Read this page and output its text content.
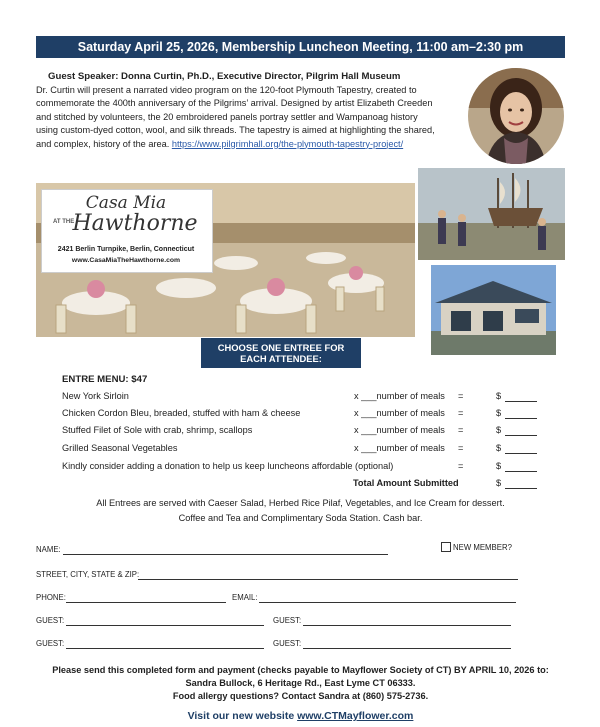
Saturday April 25, 2026, Membership Luncheon Meeting, 11:00 am–2:30 pm
Guest Speaker: Donna Curtin, Ph.D., Executive Director, Pilgrim Hall Museum
Dr. Curtin will present a narrated video program on the 120-foot Plymouth Tapestry, created to commemorate the 400th anniversary of the Pilgrims’ arrival. Designed by artist Elizabeth Creeden and stitched by volunteers, the 20 embroidered panels portray settler and Wampanoag history using custom-dyed cotton, wool, and silk threads. The tapestry is aimed at highlighting the shared, and complex, history of the area. https://www.pilgrimhall.org/the-plymouth-tapestry-project/
Casa Mia
AT THE
Hawthorne
2421 Berlin Turnpike, Berlin, Connecticut
www.CasaMiaTheHawthorne.com
CHOOSE ONE ENTREE FOR
EACH ATTENDEE:
ENTRE MENU: $47
New York Sirloin	x ___number of meals =	$
Chicken Cordon Bleu, breaded, stuffed with ham & cheese	x ___number of meals =	$
Stuffed Filet of Sole with crab, shrimp, scallops	x ___number of meals =	$
Grilled Seasonal Vegetables	x ___number of meals =	$
Kindly consider adding a donation to help us keep luncheons affordable (optional)	=	$
Total Amount Submitted	$
All Entrees are served with Caeser Salad, Herbed Rice Pilaf, Vegetables, and Ice Cream for dessert.
Coffee and Tea and Complimentary Soda Station. Cash bar.
NAME:	NEW MEMBER?
STREET, CITY, STATE & ZIP:
PHONE:	EMAIL:
GUEST:	GUEST:
GUEST:	GUEST:
Please send this completed form and payment (checks payable to Mayflower Society of CT) BY APRIL 10, 2026 to:
Sandra Bullock, 6 Heritage Rd., East Lyme CT 06333.
Food allergy questions? Contact Sandra at (860) 575-2736.
Visit our new website www.CTMayflower.com
